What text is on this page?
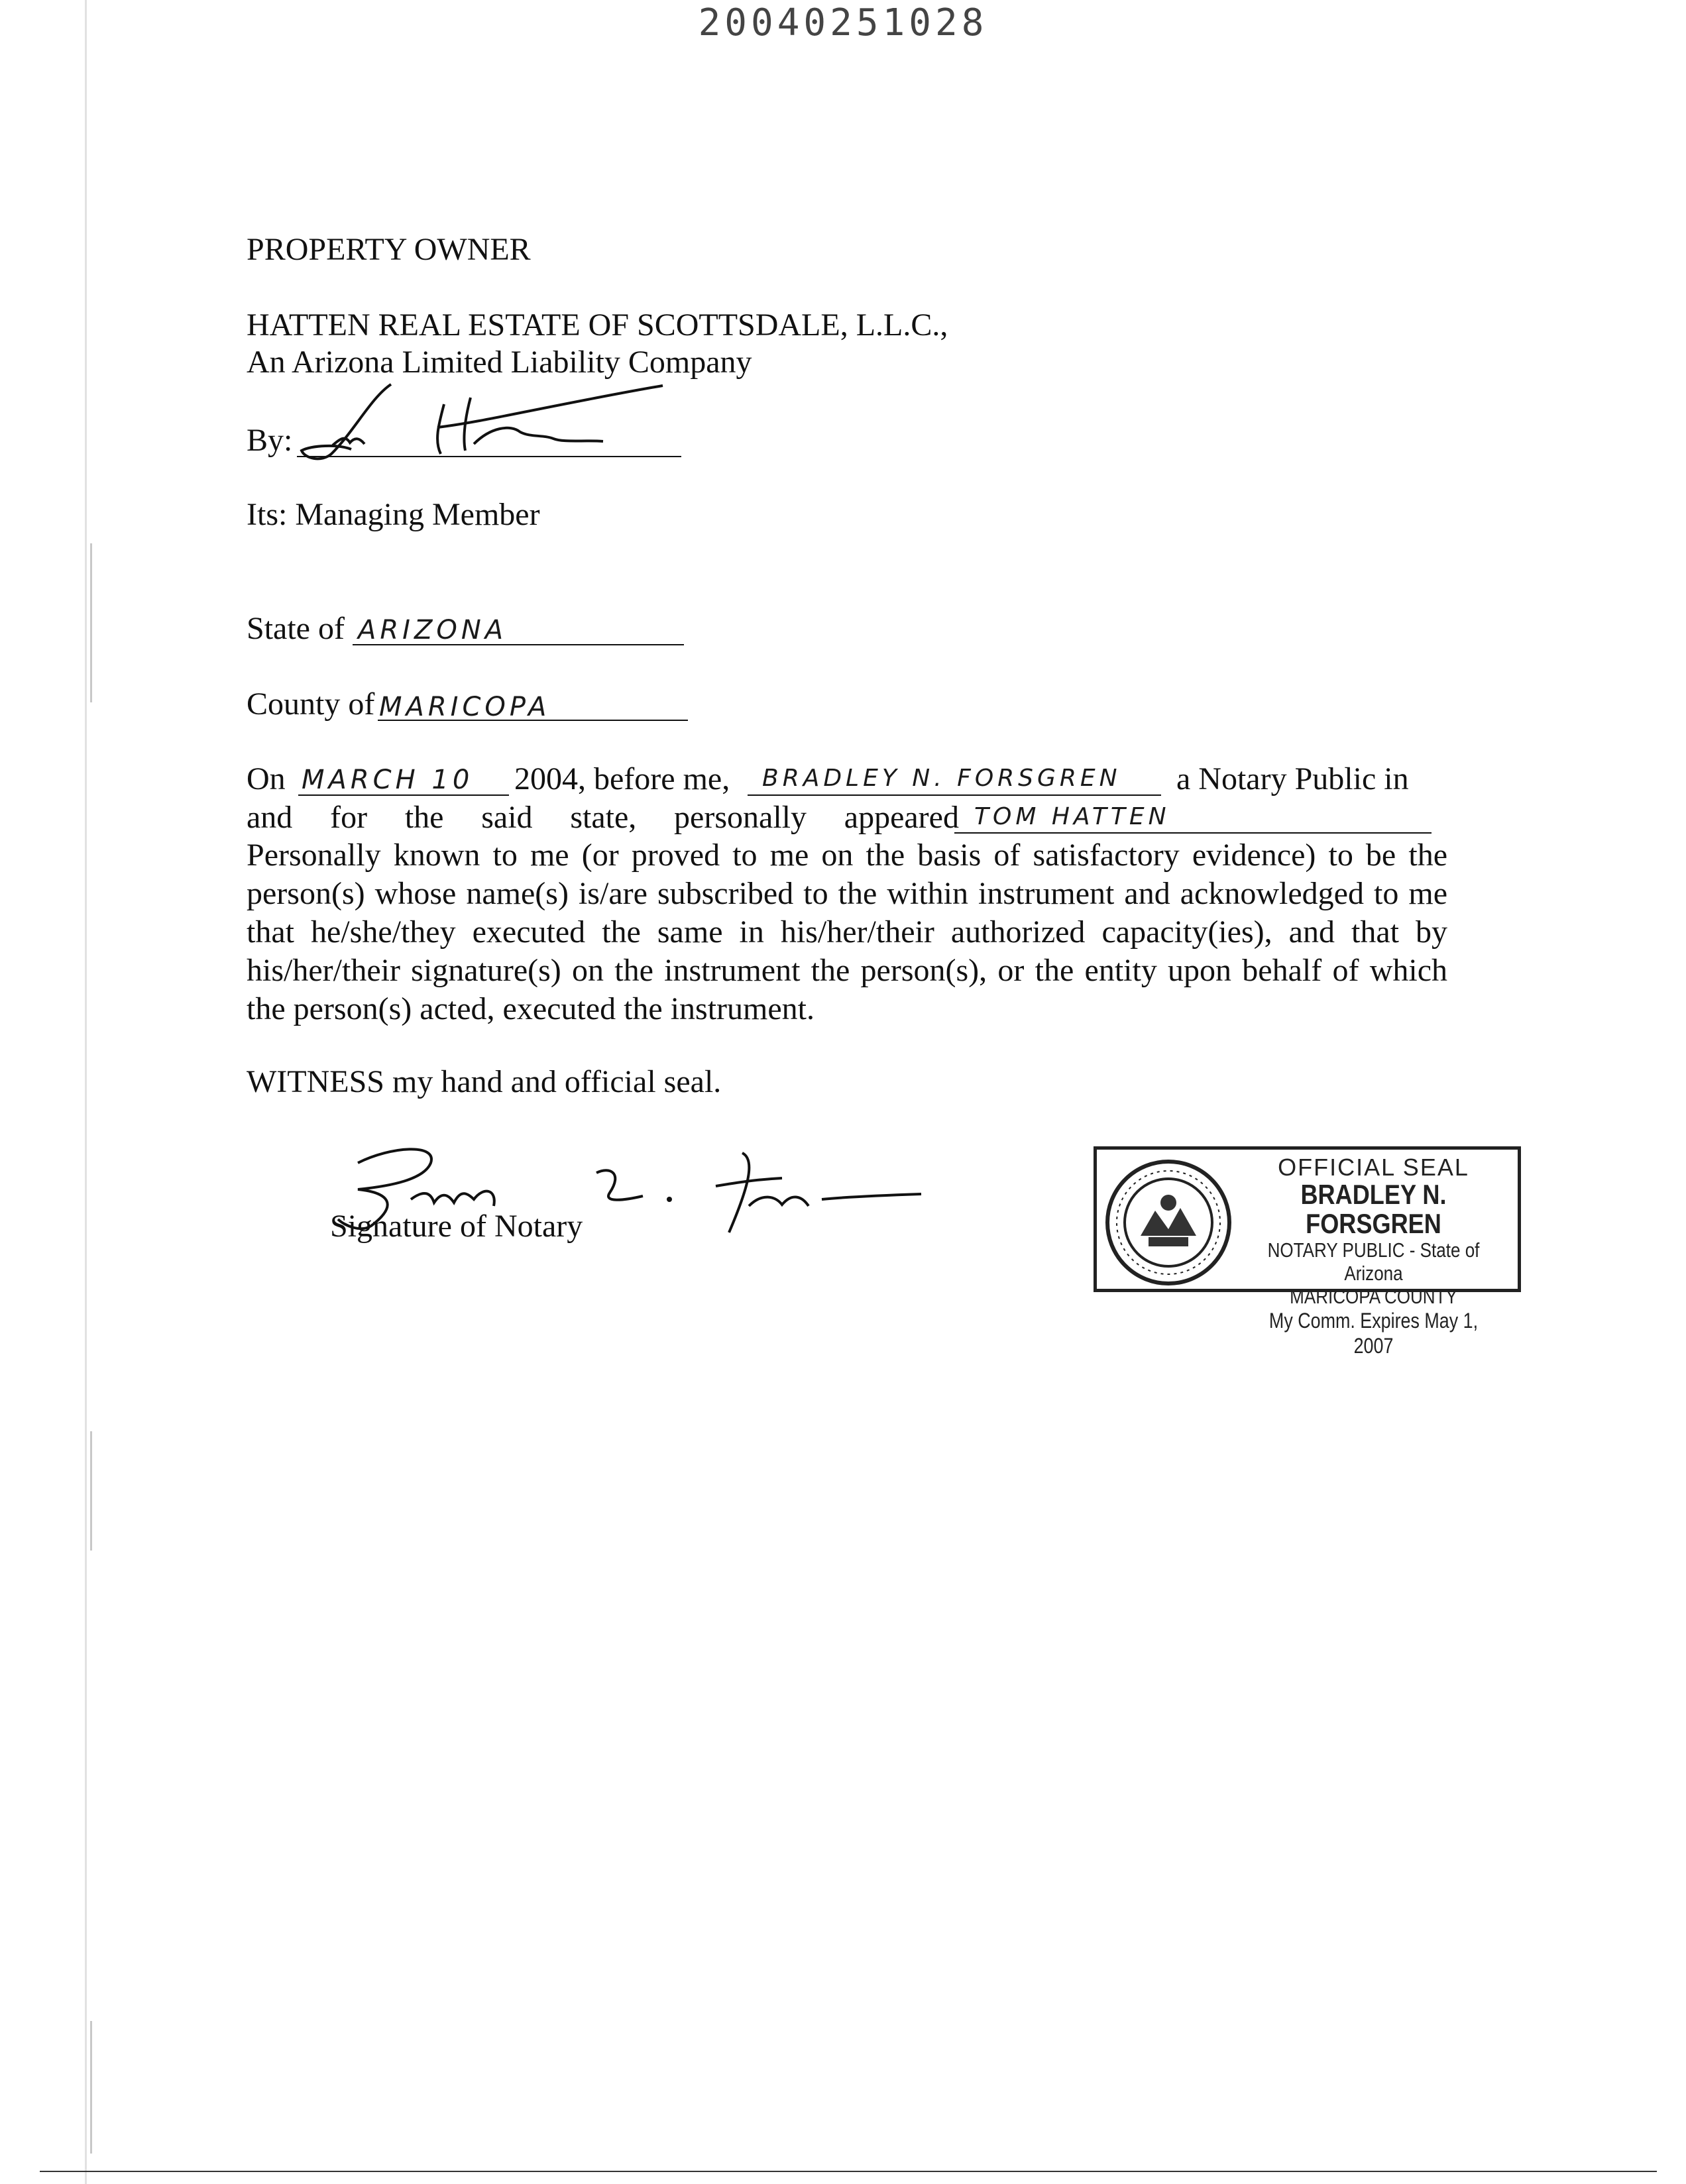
20040251028
PROPERTY OWNER
HATTEN REAL ESTATE OF SCOTTSDALE, L.L.C.,
An Arizona Limited Liability Company
By:
Its: Managing Member
State of ARIZONA
County of MARICOPA
On MARCH 10 2004, before me, BRADLEY N. FORSGREN a Notary Public in
and for the said state, personally appeared TOM HATTEN
Personally known to me (or proved to me on the basis of satisfactory evidence) to be the person(s) whose name(s) is/are subscribed to the within instrument and acknowledged to me that he/she/they executed the same in his/her/their authorized capacity(ies), and that by his/her/their signature(s) on the instrument the person(s), or the entity upon behalf of which the person(s) acted, executed the instrument.
WITNESS my hand and official seal.
Signature of Notary
OFFICIAL SEAL
BRADLEY N. FORSGREN
NOTARY PUBLIC - State of Arizona
MARICOPA COUNTY
My Comm. Expires May 1, 2007
